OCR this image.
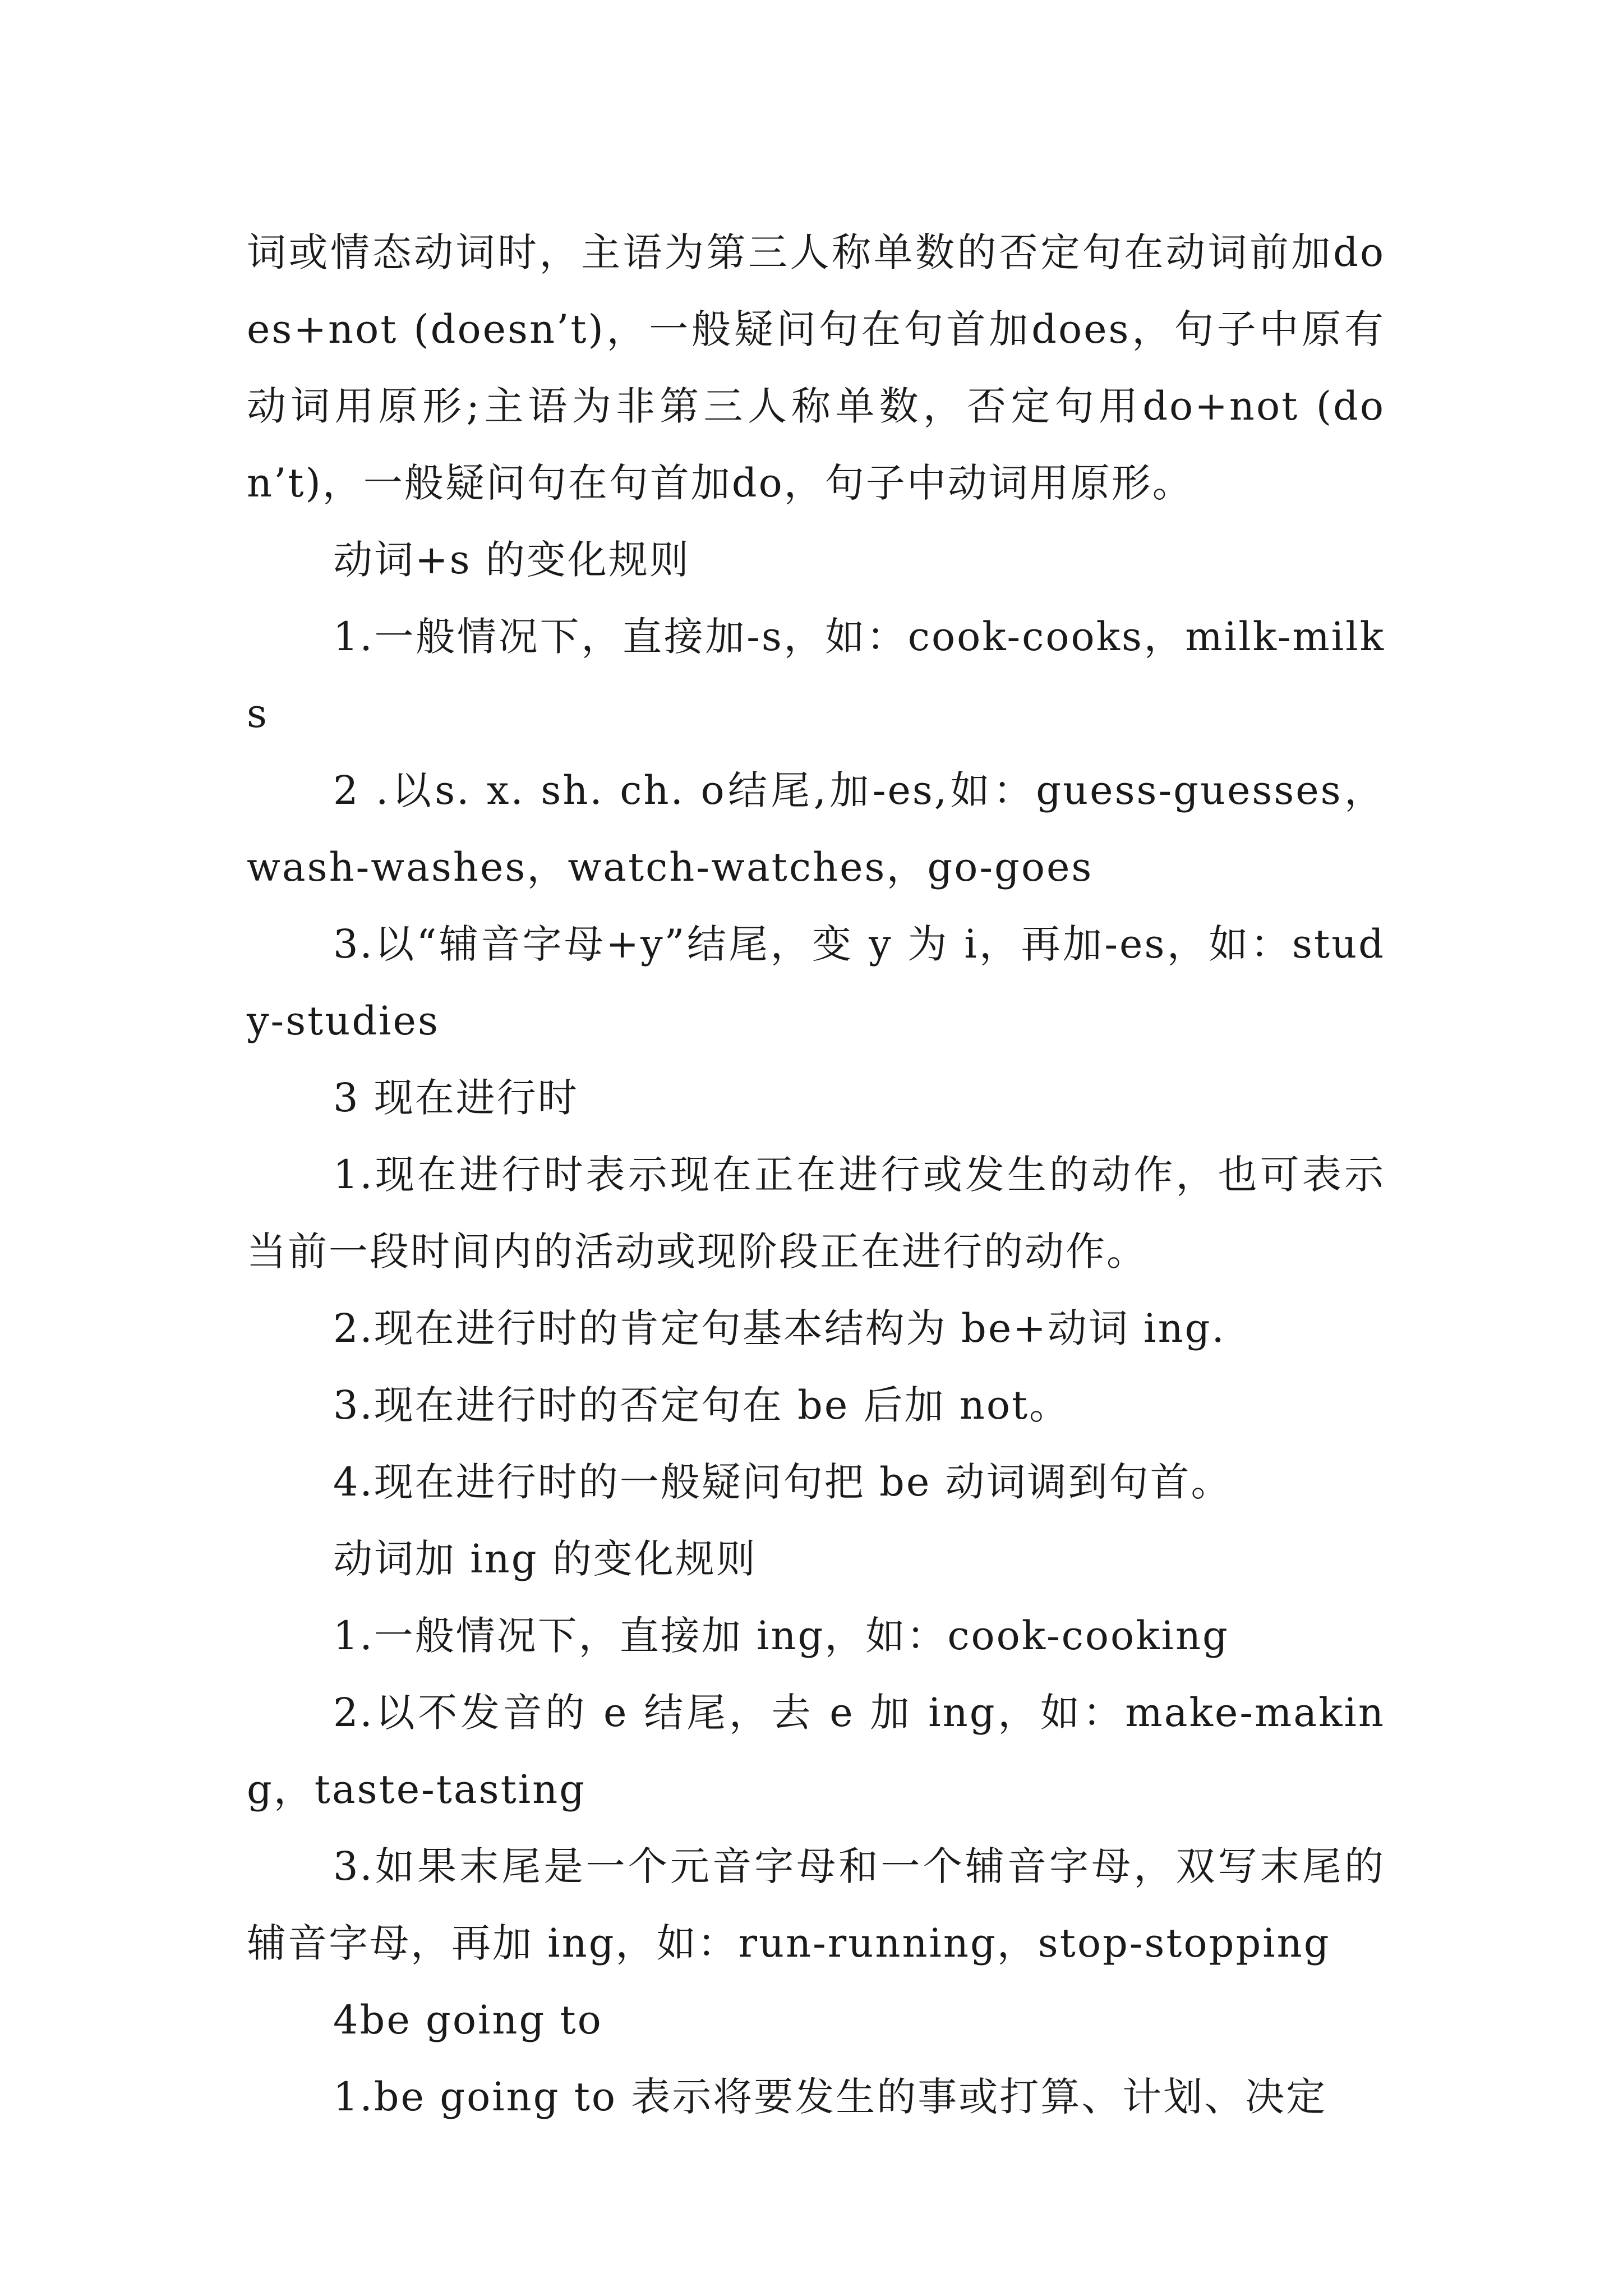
词或情态动词时，主语为第三人称单数的否定句在动词前加does+not (doesn’t)，一般疑问句在句首加does，句子中原有动词用原形;主语为非第三人称单数，否定句用do+not (don’t)，一般疑问句在句首加do，句子中动词用原形。

动词+s 的变化规则

1.一般情况下，直接加-s，如：cook-cooks，milk-milks

2 .以s. x. sh. ch. o结尾,加-es,如：guess-guesses，wash-washes，watch-watches，go-goes

3.以“辅音字母+y”结尾，变 y 为 i，再加-es，如：study-studies

3 现在进行时

1.现在进行时表示现在正在进行或发生的动作，也可表示当前一段时间内的活动或现阶段正在进行的动作。

2.现在进行时的肯定句基本结构为 be+动词 ing.

3.现在进行时的否定句在 be 后加 not。

4.现在进行时的一般疑问句把 be 动词调到句首。

动词加 ing 的变化规则

1.一般情况下，直接加 ing，如：cook-cooking

2.以不发音的 e 结尾，去 e 加 ing，如：make-making，taste-tasting

3.如果末尾是一个元音字母和一个辅音字母，双写末尾的辅音字母，再加 ing，如：run-running，stop-stopping

4be going to

1.be going to 表示将要发生的事或打算、计划、决定
